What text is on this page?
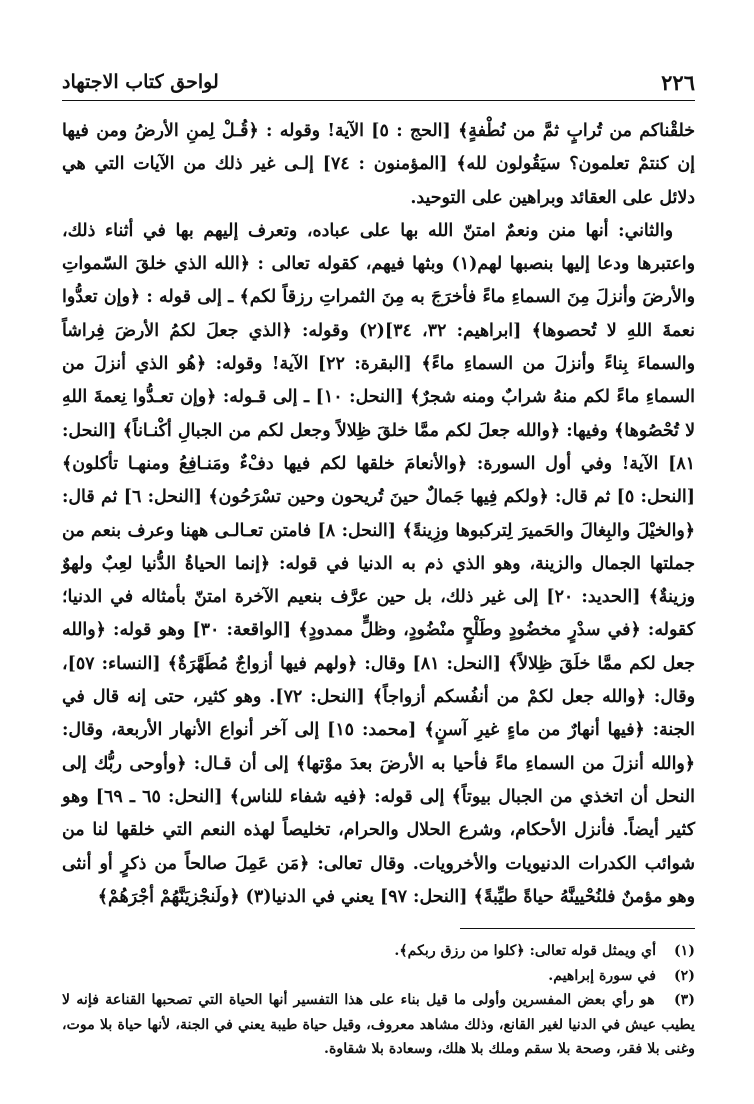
٢٢٦
لواحق كتاب الاجتهاد

خلقْناكم من تُرابٍ ثمَّ من نُطْفةٍ﴾ [الحج : ٥] الآية! وقوله : ﴿قُـلْ لِمنِ الأرضُ ومن فيها إن كنتمْ تعلمون؟ سيَقُولون لله﴾ [المؤمنون : ٧٤] إلـى غير ذلك من الآيات التي هي دلائل على العقائد وبراهين على التوحيد.

والثاني: أنها منن ونعمٌ امتنّ الله بها على عباده، وتعرف إليهم بها في أثناء ذلك، واعتبرها ودعا إليها بنصبها لهم(١) وبثها فيهم، كقوله تعالى : ﴿الله الذي خلقَ السّمواتِ والأرضَ وأنزلَ مِنَ السماءِ ماءً فأخرَجَ به مِنَ الثمراتِ رزقاً لكم﴾ ـ إلى قوله : ﴿وإن تعدُّوا نعمةَ اللهِ لا تُحصوها﴾ [ابراهيم: ٣٢، ٣٤](٢) وقوله: ﴿الذي جعلَ لكمُ الأرضَ فِراشاً والسماءَ بِناءً وأنزلَ من السماءِ ماءً﴾ [البقرة: ٢٢] الآية! وقوله: ﴿هُو الذي أنزلَ من السماءِ ماءً لكم منهُ شرابٌ ومنه شجرٌ﴾ [النحل: ١٠] ـ إلى قـوله: ﴿وإن تعـدُّوا نِعمةَ اللهِ لا تُحْصُوها﴾ وفيها: ﴿والله جعلَ لكم ممَّا خلقَ ظِلالاً وجعل لكم من الجبالِ أكْنـاناً﴾ [النحل: ٨١] الآية! وفي أول السورة: ﴿والأنعامَ خلقها لكم فيها دفْءٌ ومَنـافِعُ ومنهـا تأكلون﴾ [النحل: ٥] ثم قال: ﴿ولكم فِيها جَمالٌ حينَ تُريحون وحين تسْرَحُون﴾ [النحل: ٦] ثم قال: ﴿والخيْلَ والبِغالَ والحَميرَ لِتركبوها وزِينةً﴾ [النحل: ٨] فامتن تعـالـى ههنا وعرف بنعم من جملتها الجمال والزينة، وهو الذي ذم به الدنيا في قوله: ﴿إنما الحياةُ الدُّنيا لعِبٌ ولهوٌ وزينةٌ﴾ [الحديد: ٢٠] إلى غير ذلك، بل حين عرَّف بنعيم الآخرة امتنّ بأمثاله في الدنيا؛ كقوله: ﴿في سدْرٍ مخضُودٍ وطَلْحٍ منْضُودٍ، وظلٍّ ممدودٍ﴾ [الواقعة: ٣٠] وهو قوله: ﴿والله جعل لكم ممَّا خلَقَ ظِلالاً﴾ [النحل: ٨١] وقال: ﴿ولهم فيها أزواجٌ مُطَهَّرَةٌ﴾ [النساء: ٥٧]، وقال: ﴿والله جعل لكمْ من أنفُسكم أزواجاً﴾ [النحل: ٧٢]. وهو كثير، حتى إنه قال في الجنة: ﴿فيها أنهارٌ من ماءٍ غيرِ آسنٍ﴾ [محمد: ١٥] إلى آخر أنواع الأنهار الأربعة، وقال: ﴿والله أنزلَ من السماءِ ماءً فأحيا به الأرضَ بعدَ موْتها﴾ إلى أن قـال: ﴿وأوحى ربُّك إلى النحل أن اتخذي من الجبال بيوتاً﴾ إلى قوله: ﴿فيه شفاء للناس﴾ [النحل: ٦٥ ـ ٦٩] وهو كثير أيضاً. فأنزل الأحكام، وشرع الحلال والحرام، تخليصاً لهذه النعم التي خلقها لنا من شوائب الكدرات الدنيويات والأخرويات. وقال تعالى: ﴿مَن عَمِلَ صالحاً من ذكرٍ أو أنثى وهو مؤمنٌ فلنُحْيينَّهُ حياةً طيِّبةً﴾ [النحل: ٩٧] يعني في الدنيا(٣) ﴿ولَنجْزيَنَّهُمْ أجْرَهُمْ﴾

(١) أي ويمثل قوله تعالى: ﴿كلوا من رزق ربكم﴾.

(٢) في سورة إبراهيم.

(٣) هو رأي بعض المفسرين وأولى ما قيل بناء على هذا التفسير أنها الحياة التي تصحبها القناعة فإنه لا يطيب عيش في الدنيا لغير القانع، وذلك مشاهد معروف، وقيل حياة طيبة يعني في الجنة، لأنها حياة بلا موت، وغنى بلا فقر، وصحة بلا سقم وملك بلا هلك، وسعادة بلا شقاوة.
